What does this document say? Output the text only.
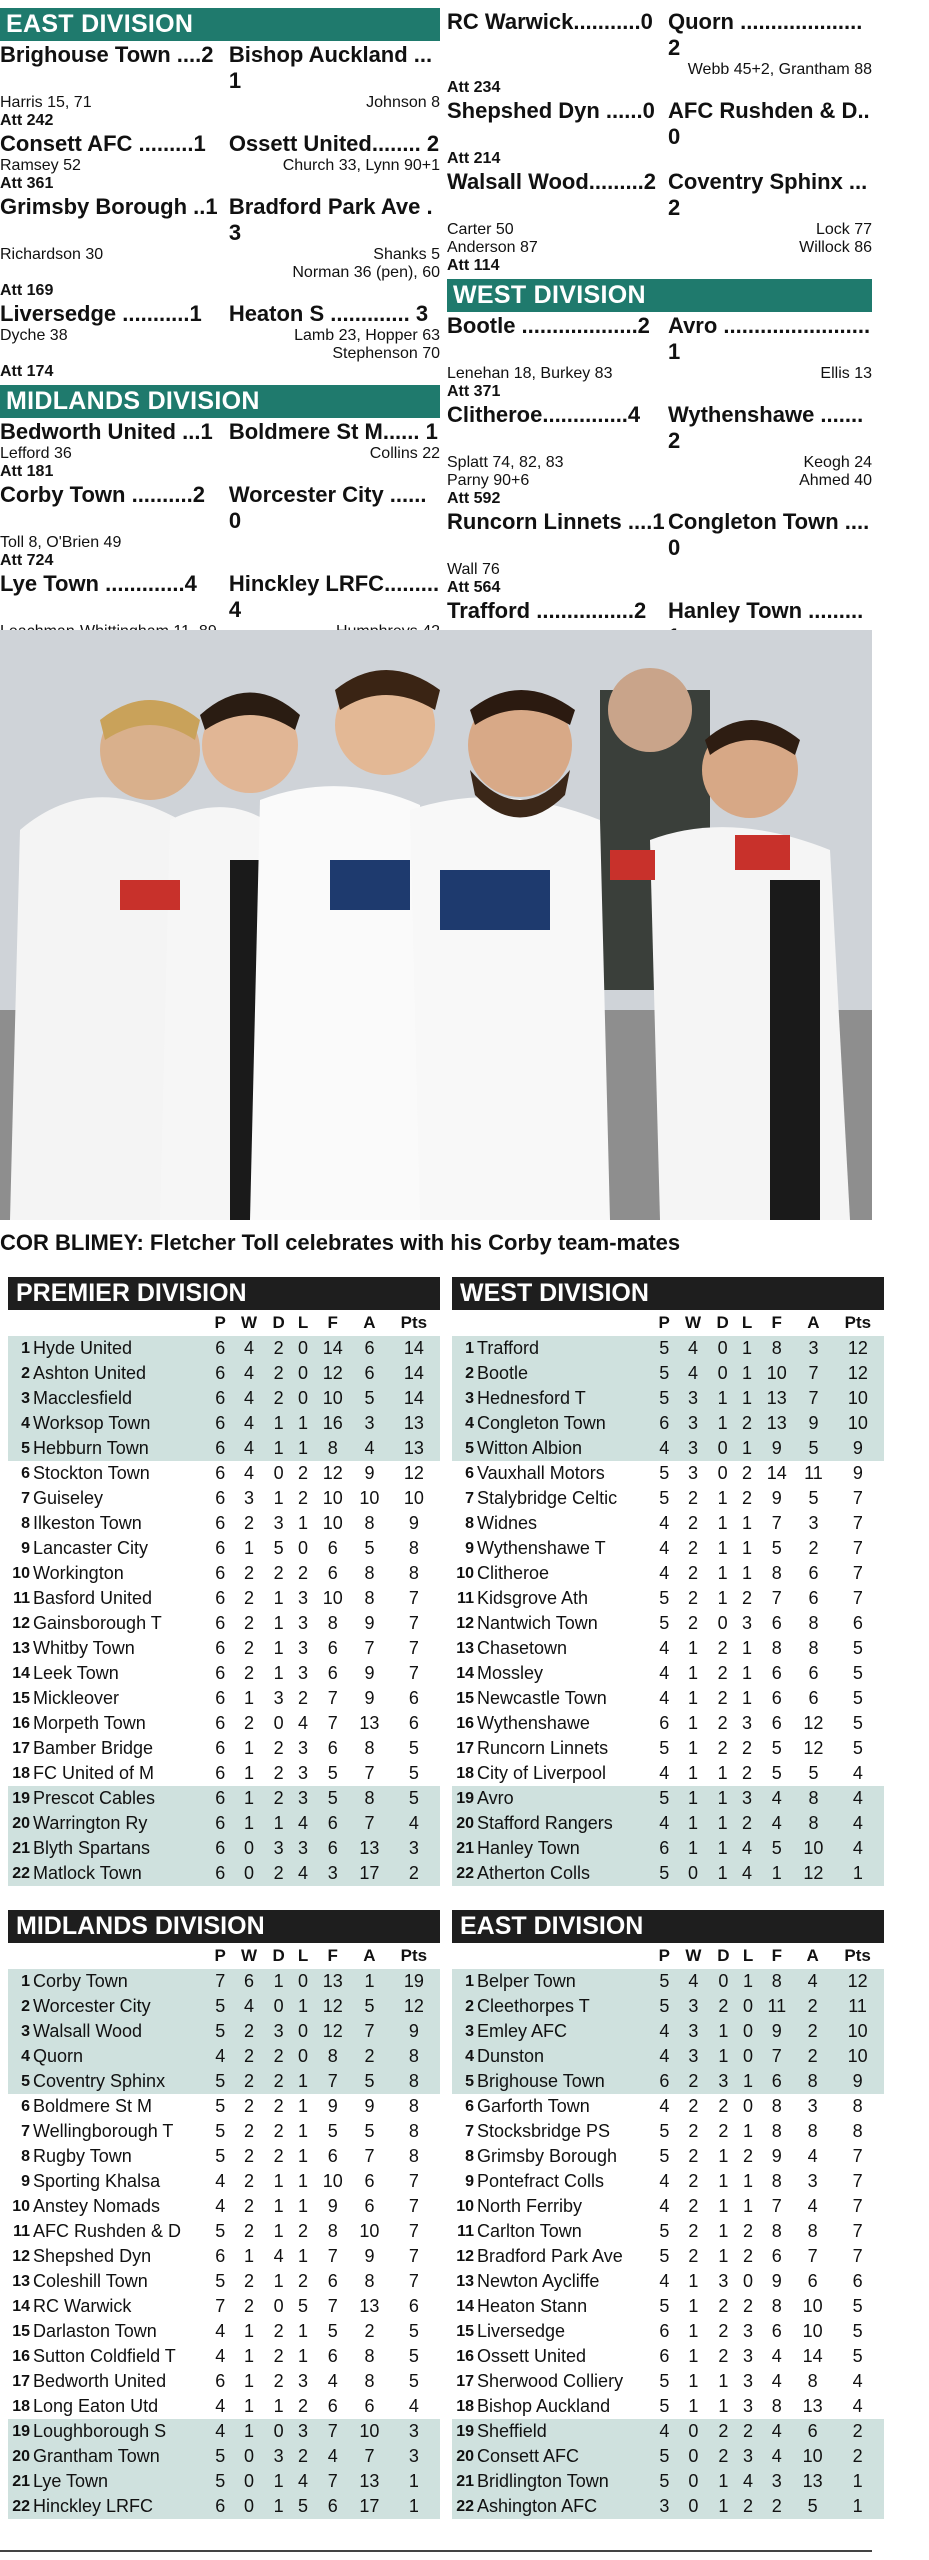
EAST DIVISION
Brighouse Town ....2 Bishop Auckland ... 1
Harris 15, 71	Johnson 8
Att 242
Consett AFC .........1	Ossett United........ 2
Ramsey 52	Church 33, Lynn 90+1
Att 361
Grimsby Borough ..1 Bradford Park Ave . 3
Richardson 30	Shanks 5
Norman 36 (pen), 60
Att 169
Liversedge ...........1	Heaton S ............. 3
Dyche 38	Lamb 23, Hopper 63
Stephenson 70
Att 174
MIDLANDS DIVISION
Bedworth United ...1 Boldmere St M...... 1
Lefford 36	Collins 22
Att 181
Corby Town ..........2	Worcester City ...... 0
Toll 8, O'Brien 49
Att 724
Lye Town .............4	Hinckley LRFC......... 4
RC Warwick...........0 Quorn .................... 2
Webb 45+2, Grantham 88
Att 234
Shepshed Dyn ......0 AFC Rushden & D.. 0
Att 214
Walsall Wood.........2 Coventry Sphinx ... 2
Carter 50	Lock 77
Anderson 87	Willock 86
Att 114
WEST DIVISION
Bootle ...................2 Avro ........................ 1
Lenehan 18, Burkey 83	Ellis 13
Att 371
Clitheroe..............4	Wythenshawe ....... 2
Splatt 74, 82, 83	Keogh 24
Parny 90+6	Ahmed 40
Att 592
Runcorn Linnets ....1 Congleton Town .... 0
Wall 76
Att 564
Trafford ................2 Hanley Town .........
COR BLIMEY: Fletcher Toll celebrates with his Corby team-mates
PREMIER DIVISION
		P	W	D	L	F	A	Pts
1	Hyde United	6	4	2	0	14	6	14
2	Ashton United	6	4	2	0	12	6	14
3	Macclesfield	6	4	2	0	10	5	14
4	Worksop Town	6	4	1	1	16	3	13
5	Hebburn Town	6	4	1	1	8	4	13
6	Stockton Town	6	4	0	2	12	9	12
7	Guiseley	6	3	1	2	10	10	10
8	Ilkeston Town	6	2	3	1	10	8	9
9	Lancaster City	6	1	5	0	6	5	8
10	Workington	6	2	2	2	6	8	8
11	Basford United	6	2	1	3	10	8	7
12	Gainsborough T	6	2	1	3	8	9	7
13	Whitby Town	6	2	1	3	6	7	7
14	Leek Town	6	2	1	3	6	9	7
15	Mickleover	6	1	3	2	7	9	6
16	Morpeth Town	6	2	0	4	7	13	6
17	Bamber Bridge	6	1	2	3	6	8	5
18	FC United of M	6	1	2	3	5	7	5
19	Prescot Cables	6	1	2	3	5	8	5
20	Warrington Ry	6	1	1	4	6	7	4
21	Blyth Spartans	6	0	3	3	6	13	3
22	Matlock Town	6	0	2	4	3	17	2
WEST DIVISION
		P	W	D	L	F	A	Pts
1	Trafford	5	4	0	1	8	3	12
2	Bootle	5	4	0	1	10	7	12
3	Hednesford T	5	3	1	1	13	7	10
4	Congleton Town	6	3	1	2	13	9	10
5	Witton Albion	4	3	0	1	9	5	9
6	Vauxhall Motors	5	3	0	2	14	11	9
7	Stalybridge Celtic	5	2	1	2	9	5	7
8	Widnes	4	2	1	1	7	3	7
9	Wythenshawe T	4	2	1	1	5	2	7
10	Clitheroe	4	2	1	1	8	6	7
11	Kidsgrove Ath	5	2	1	2	7	6	7
12	Nantwich Town	5	2	0	3	6	8	6
13	Chasetown	4	1	2	1	8	8	5
14	Mossley	4	1	2	1	6	6	5
15	Newcastle Town	4	1	2	1	6	6	5
16	Wythenshawe	6	1	2	3	6	12	5
17	Runcorn Linnets	5	1	2	2	5	12	5
18	City of Liverpool	4	1	1	2	5	5	4
19	Avro	5	1	1	3	4	8	4
20	Stafford Rangers	4	1	1	2	4	8	4
21	Hanley Town	6	1	1	4	5	10	4
22	Atherton Colls	5	0	1	4	1	12	1
MIDLANDS DIVISION
		P	W	D	L	F	A	Pts
1	Corby Town	7	6	1	0	13	1	19
2	Worcester City	5	4	0	1	12	5	12
3	Walsall Wood	5	2	3	0	12	7	9
4	Quorn	4	2	2	0	8	2	8
5	Coventry Sphinx	5	2	2	1	7	5	8
6	Boldmere St M	5	2	2	1	9	9	8
7	Wellingborough T	5	2	2	1	5	5	8
8	Rugby Town	5	2	2	1	6	7	8
9	Sporting Khalsa	4	2	1	1	10	6	7
10	Anstey Nomads	4	2	1	1	9	6	7
11	AFC Rushden & D	5	2	1	2	8	10	7
12	Shepshed Dyn	6	1	4	1	7	9	7
13	Coleshill Town	5	2	1	2	6	8	7
14	RC Warwick	7	2	0	5	7	13	6
15	Darlaston Town	4	1	2	1	5	2	5
16	Sutton Coldfield T	4	1	2	1	6	8	5
17	Bedworth United	6	1	2	3	4	8	5
18	Long Eaton Utd	4	1	1	2	6	6	4
19	Loughborough S	4	1	0	3	7	10	3
20	Grantham Town	5	0	3	2	4	7	3
21	Lye Town	5	0	1	4	7	13	1
22	Hinckley LRFC	6	0	1	5	6	17	1
EAST DIVISION
		P	W	D	L	F	A	Pts
1	Belper Town	5	4	0	1	8	4	12
2	Cleethorpes T	5	3	2	0	11	2	11
3	Emley AFC	4	3	1	0	9	2	10
4	Dunston	4	3	1	0	7	2	10
5	Brighouse Town	6	2	3	1	6	8	9
6	Garforth Town	4	2	2	0	8	3	8
7	Stocksbridge PS	5	2	2	1	8	8	8
8	Grimsby Borough	5	2	1	2	9	4	7
9	Pontefract Colls	4	2	1	1	8	3	7
10	North Ferriby	4	2	1	1	7	4	7
11	Carlton Town	5	2	1	2	8	8	7
12	Bradford Park Ave	5	2	1	2	6	7	7
13	Newton Aycliffe	4	1	3	0	9	6	6
14	Heaton Stann	5	1	2	2	8	10	5
15	Liversedge	6	1	2	3	6	10	5
16	Ossett United	6	1	2	3	4	14	5
17	Sherwood Colliery	5	1	1	3	4	8	4
18	Bishop Auckland	5	1	1	3	8	13	4
19	Sheffield	4	0	2	2	4	6	2
20	Consett AFC	5	0	2	3	4	10	2
21	Bridlington Town	5	0	1	4	3	13	1
22	Ashington AFC	3	0	1	2	2	5	1
